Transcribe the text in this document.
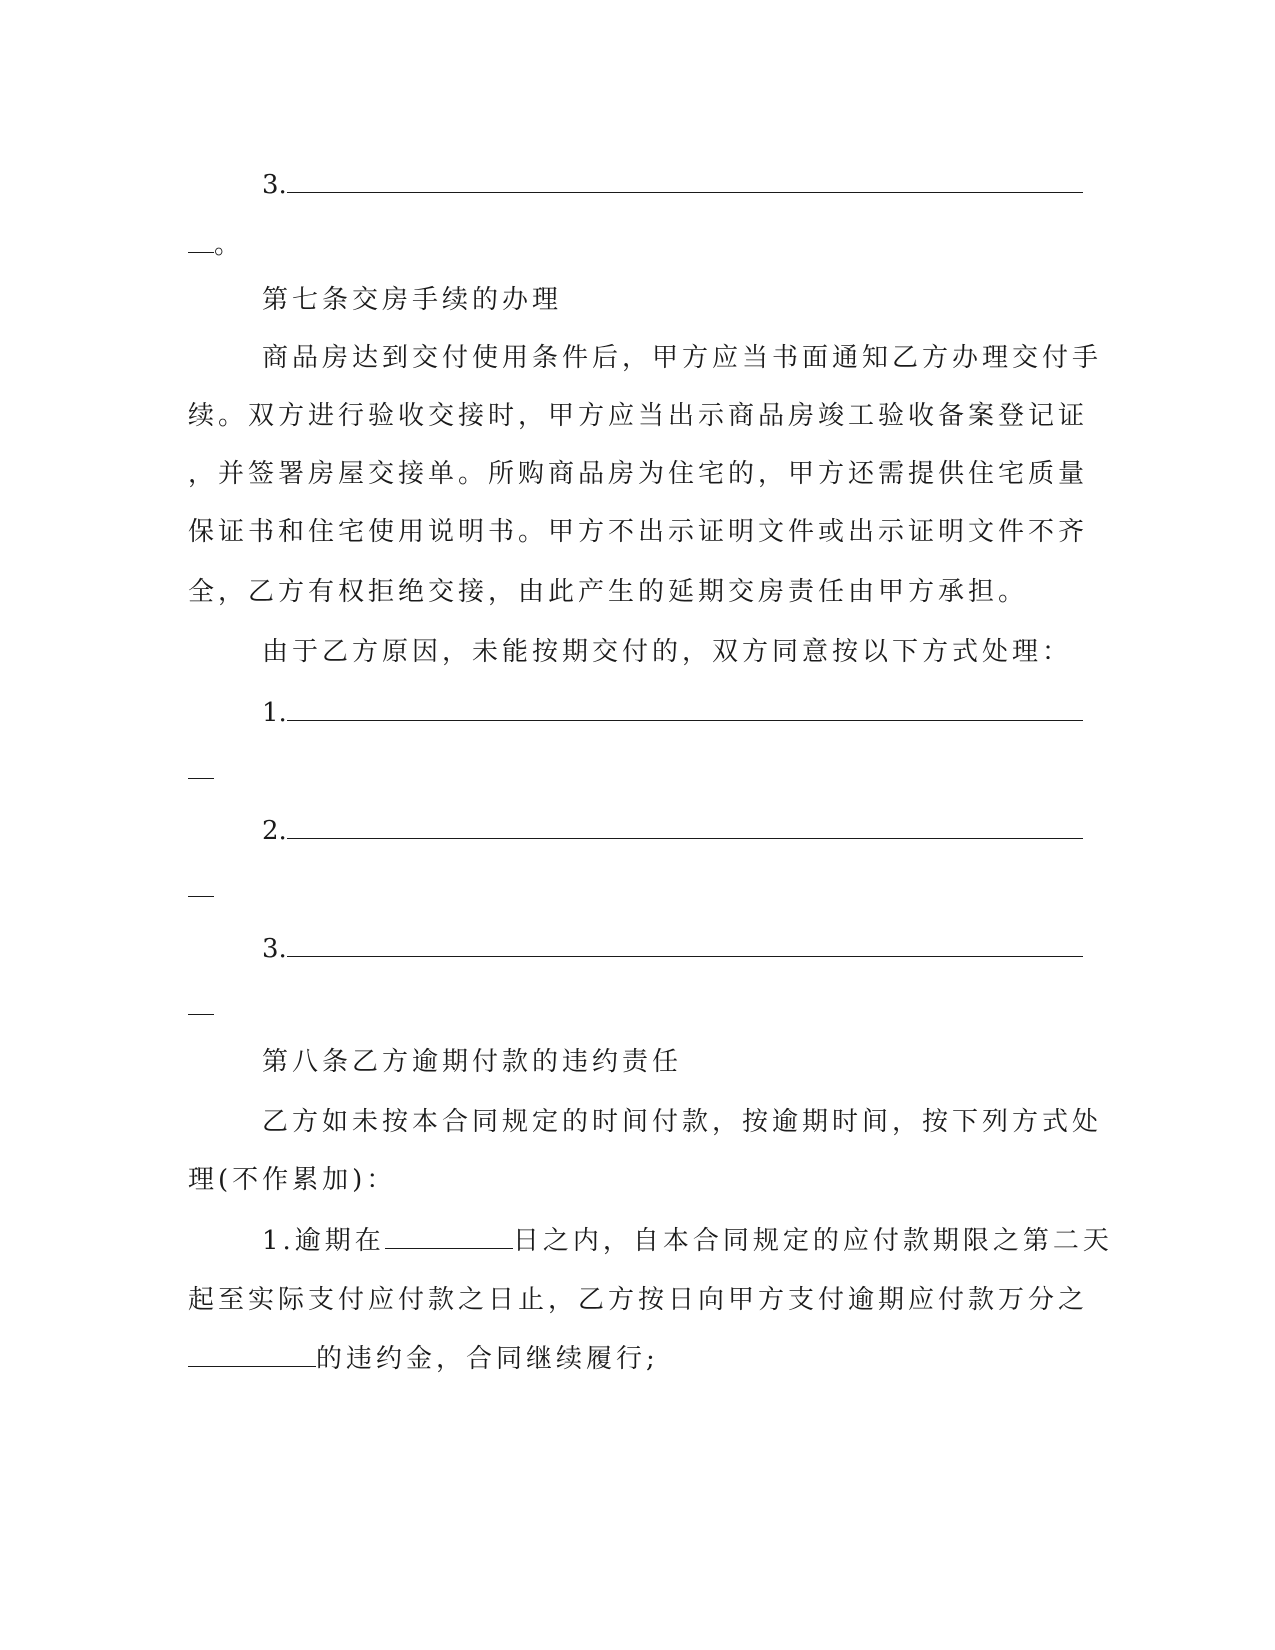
3.
。
第七条交房手续的办理
商品房达到交付使用条件后，甲方应当书面通知乙方办理交付手
续。双方进行验收交接时，甲方应当出示商品房竣工验收备案登记证
，并签署房屋交接单。所购商品房为住宅的，甲方还需提供住宅质量
保证书和住宅使用说明书。甲方不出示证明文件或出示证明文件不齐
全，乙方有权拒绝交接，由此产生的延期交房责任由甲方承担。
由于乙方原因，未能按期交付的，双方同意按以下方式处理：
1.
2.
3.
第八条乙方逾期付款的违约责任
乙方如未按本合同规定的时间付款，按逾期时间，按下列方式处
理(不作累加)：
1.逾期在	日之内，自本合同规定的应付款期限之第二天
起至实际支付应付款之日止，乙方按日向甲方支付逾期应付款万分之
的违约金，合同继续履行;
